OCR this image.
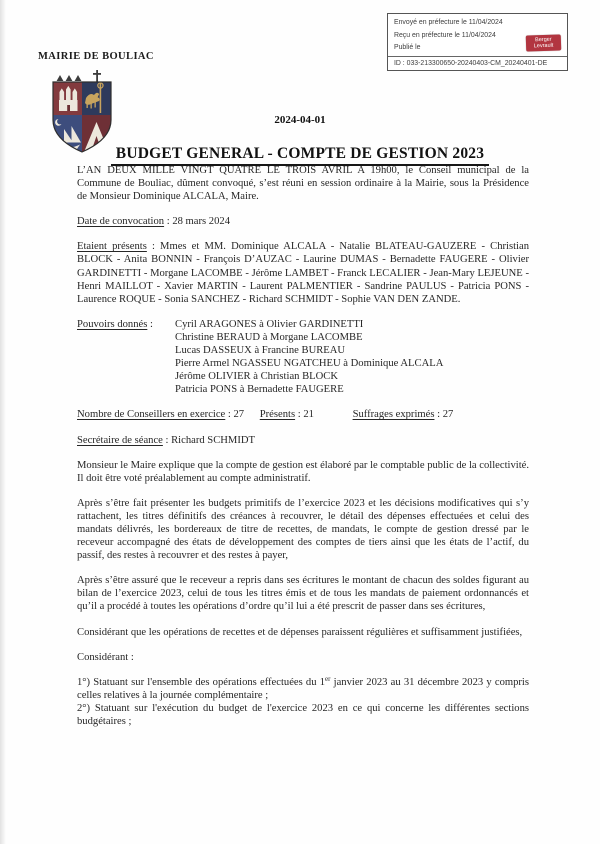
Envoyé en préfecture le 11/04/2024
Reçu en préfecture le 11/04/2024
Publié le
ID : 033-213300650-20240403-CM_20240401-DE
Berger
Levrault
MAIRIE DE BOULIAC
2024-04-01

BUDGET GENERAL - COMPTE DE GESTION 2023

L’AN DEUX MILLE VINGT QUATRE LE TROIS AVRIL A 19h00, le Conseil municipal de la Commune de Bouliac, dûment convoqué, s’est réuni en session ordinaire à la Mairie, sous la Présidence de Monsieur Dominique ALCALA, Maire.

Date de convocation : 28 mars 2024

Etaient présents : Mmes et MM. Dominique ALCALA - Natalie BLATEAU-GAUZERE - Christian BLOCK - Anita BONNIN - François D’AUZAC - Laurine DUMAS - Bernadette FAUGERE - Olivier GARDINETTI - Morgane LACOMBE - Jérôme LAMBET - Franck LECALIER - Jean-Mary LEJEUNE - Henri MAILLOT - Xavier MARTIN - Laurent PALMENTIER - Sandrine PAULUS - Patricia PONS - Laurence ROQUE - Sonia SANCHEZ - Richard SCHMIDT - Sophie VAN DEN ZANDE.

Pouvoirs donnés :	Cyril ARAGONES à Olivier GARDINETTI
Christine BERAUD à Morgane LACOMBE
Lucas DASSEUX à Francine BUREAU
Pierre Armel NGASSEU NGATCHEU à Dominique ALCALA
Jérôme OLIVIER à Christian BLOCK
Patricia PONS à Bernadette FAUGERE

Nombre de Conseillers en exercice : 27 Présents : 21	Suffrages exprimés : 27

Secrétaire de séance : Richard SCHMIDT

Monsieur le Maire explique que la compte de gestion est élaboré par le comptable public de la collectivité. Il doit être voté préalablement au compte administratif.

Après s’être fait présenter les budgets primitifs de l’exercice 2023 et les décisions modificatives qui s’y rattachent, les titres définitifs des créances à recouvrer, le détail des dépenses effectuées et celui des mandats délivrés, les bordereaux de titre de recettes, de mandats, le compte de gestion dressé par le receveur accompagné des états de développement des comptes de tiers ainsi que les états de l’actif, du passif, des restes à recouvrer et des restes à payer,

Après s’être assuré que le receveur a repris dans ses écritures le montant de chacun des soldes figurant au bilan de l’exercice 2023, celui de tous les titres émis et de tous les mandats de paiement ordonnancés et qu’il a procédé à toutes les opérations d’ordre qu’il lui a été prescrit de passer dans ses écritures,

Considérant que les opérations de recettes et de dépenses paraissent régulières et suffisamment justifiées,

Considérant :

1°) Statuant sur l'ensemble des opérations effectuées du 1er janvier 2023 au 31 décembre 2023 y compris celles relatives à la journée complémentaire ;

2°) Statuant sur l'exécution du budget de l'exercice 2023 en ce qui concerne les différentes sections budgétaires ;
